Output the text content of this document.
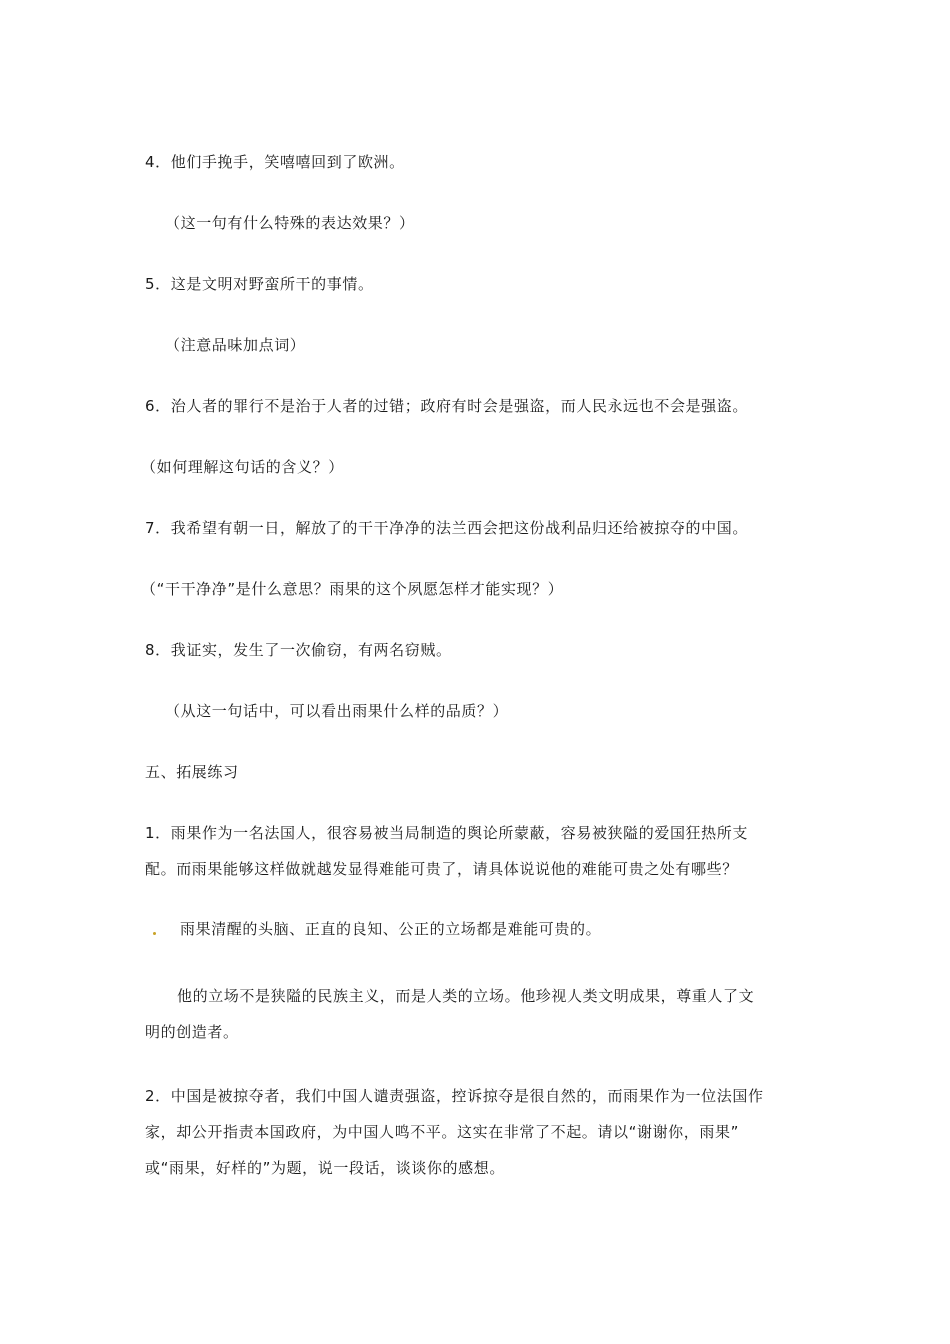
4．他们手挽手，笑嘻嘻回到了欧洲。
（这一句有什么特殊的表达效果？）
5．这是文明对野蛮所干的事情。
（注意品味加点词）
6．治人者的罪行不是治于人者的过错；政府有时会是强盗，而人民永远也不会是强盗。
（如何理解这句话的含义？）
7．我希望有朝一日，解放了的干干净净的法兰西会把这份战利品归还给被掠夺的中国。
（“干干净净”是什么意思？雨果的这个夙愿怎样才能实现？）
8．我证实，发生了一次偷窃，有两名窃贼。
（从这一句话中，可以看出雨果什么样的品质？）
五、拓展练习
1．雨果作为一名法国人，很容易被当局制造的舆论所蒙蔽，容易被狭隘的爱国狂热所支
配。而雨果能够这样做就越发显得难能可贵了，请具体说说他的难能可贵之处有哪些？
雨果清醒的头脑、正直的良知、公正的立场都是难能可贵的。
他的立场不是狭隘的民族主义，而是人类的立场。他珍视人类文明成果，尊重人了文
明的创造者。
2．中国是被掠夺者，我们中国人谴责强盗，控诉掠夺是很自然的，而雨果作为一位法国作
家，却公开指责本国政府，为中国人鸣不平。这实在非常了不起。请以“谢谢你，雨果”
或“雨果，好样的”为题，说一段话，谈谈你的感想。
